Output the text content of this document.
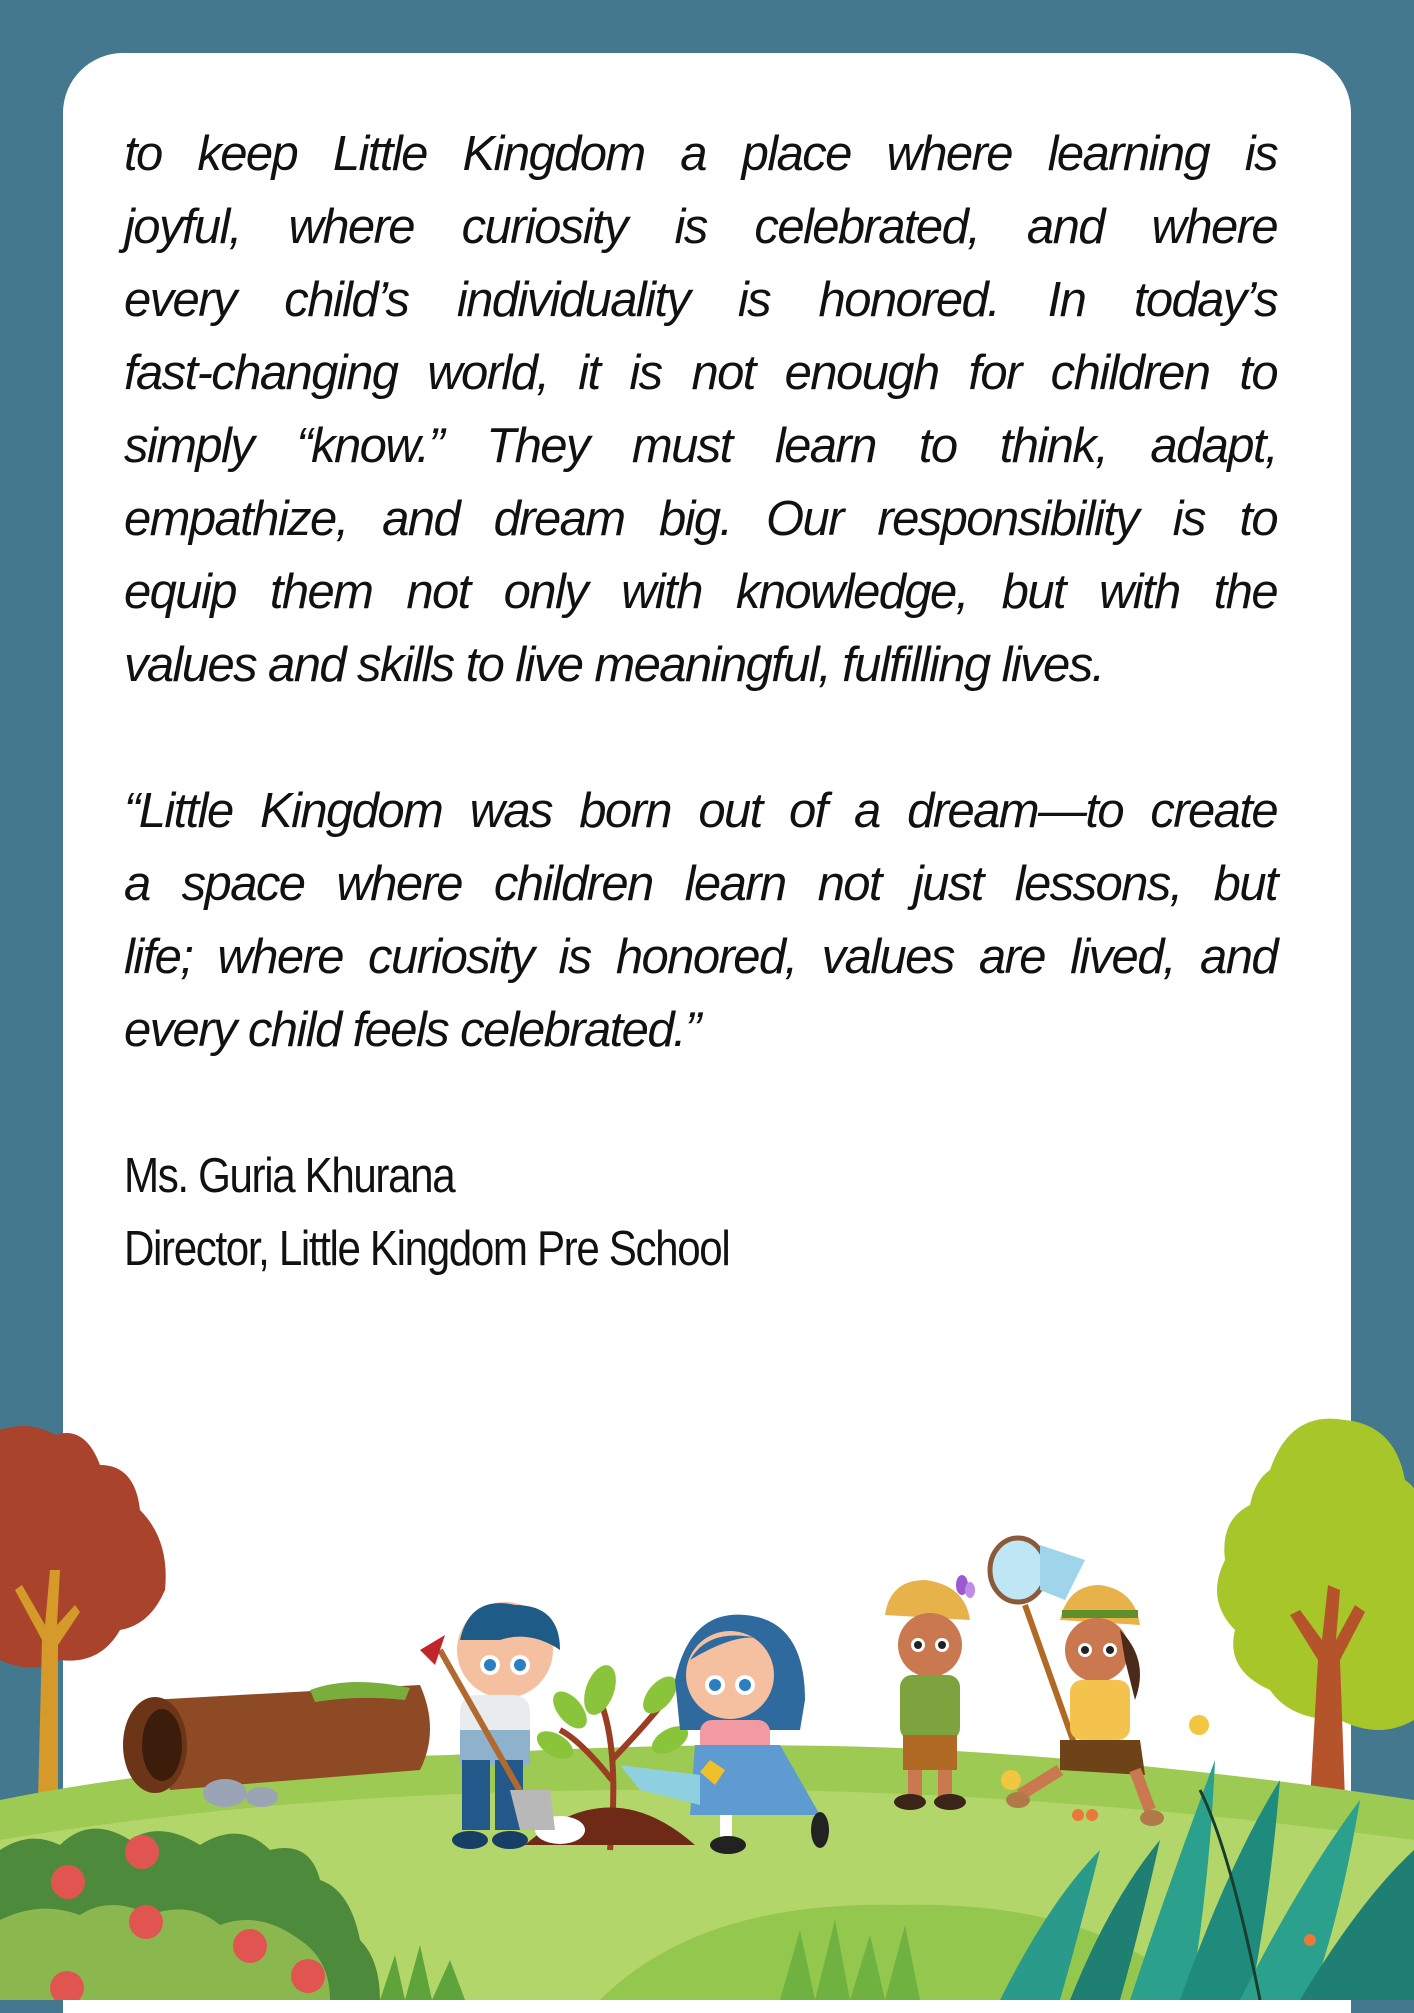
to keep Little Kingdom a place where learning is
joyful, where curiosity is celebrated, and where
every child’s individuality is honored. In today’s
fast-changing world, it is not enough for children to
simply “know.” They must learn to think, adapt,
empathize, and dream big. Our responsibility is to
equip them not only with knowledge, but with the
values and skills to live meaningful, fulfilling lives.

“Little Kingdom was born out of a dream—to create
a space where children learn not just lessons, but
life; where curiosity is honored, values are lived, and
every child feels celebrated.”

Ms. Guria Khurana

Director, Little Kingdom Pre School
